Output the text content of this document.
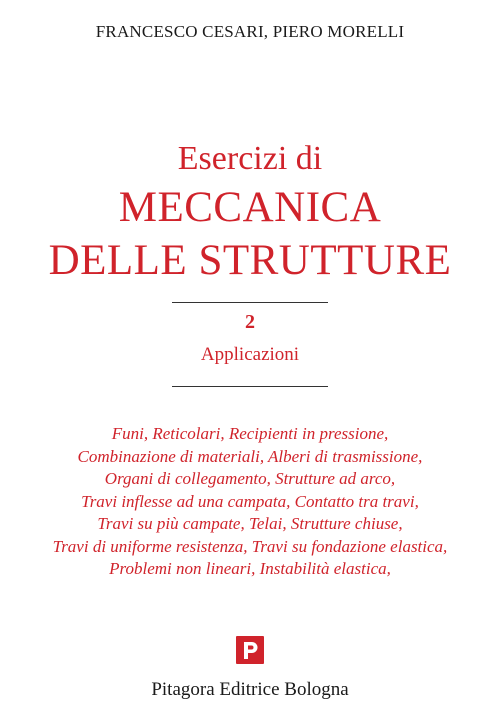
FRANCESCO CESARI, PIERO MORELLI
Esercizi di
MECCANICA
DELLE STRUTTURE
2
Applicazioni
Funi, Reticolari, Recipienti in pressione,
Combinazione di materiali, Alberi di trasmissione,
Organi di collegamento, Strutture ad arco,
Travi inflesse ad una campata, Contatto tra travi,
Travi su più campate, Telai, Strutture chiuse,
Travi di uniforme resistenza, Travi su fondazione elastica,
Problemi non lineari, Instabilità elastica,
Pitagora Editrice Bologna
